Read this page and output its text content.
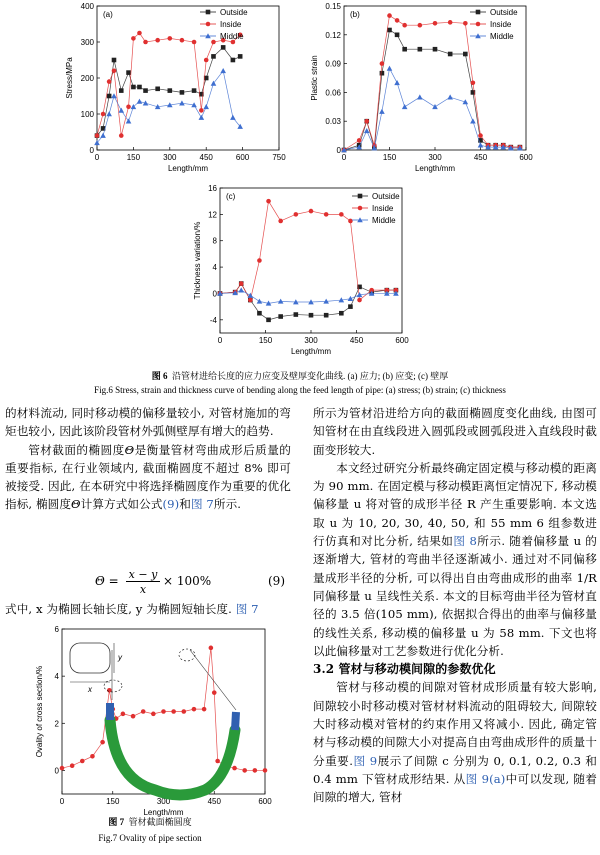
0	150	300	450	600	750
0
100
200
300
400
Length/mm
Stress/MPa
(a)	Outside
Inside
Middle
0	150	300	450	600
0
0.03
0.06
0.09
0.12
0.15
Length/mm
Plastic strain
(b)	Outside
Inside
Middle
0	150	300	450	600
-4
0
4
8
12
16
Length/mm
Thickness variation/%
(c)	Outside
Inside
Middle
图 6 沿管材进给长度的应力应变及壁厚变化曲线. (a) 应力; (b) 应变; (c) 壁厚
Fig.6 Stress, strain and thickness curve of bending along the feed length of pipe: (a) stress; (b) strain; (c) thickness

的材料流动, 同时移动模的偏移量较小, 对管材施加的弯矩也较小, 因此该阶段管材外弧侧壁厚有增大的趋势.

管材截面的椭圆度Θ是衡量管材弯曲成形后质量的重要指标, 在行业领域内, 截面椭圆度不超过 8% 即可被接受. 因此, 在本研究中将选择椭圆度作为重要的优化指标, 椭圆度Θ计算方式如公式(9)和图 7所示.

Θ = x − y
x
× 100%	(9)
式中, x 为椭圆长轴长度, y 为椭圆短轴长度. 图 7
0	150	300	450	600
0
2
4
6
Length/mm
Ovality of cross section/%	x
y
图 7 管材截面椭圆度
Fig.7 Ovality of pipe section

所示为管材沿进给方向的截面椭圆度变化曲线, 由图可知管材在由直线段进入圆弧段或圆弧段进入直线段时截面变形较大.

本文经过研究分析最终确定固定模与移动模的距离为 90 mm. 在固定模与移动模距离恒定情况下, 移动模偏移量 u 将对管的成形半径 R 产生重要影响. 本文选取 u 为 10, 20, 30, 40, 50, 和 55 mm 6 组参数进行仿真和对比分析, 结果如图 8所示. 随着偏移量 u 的逐渐增大, 管材的弯曲半径逐渐减小. 通过对不同偏移量成形半径的分析, 可以得出自由弯曲成形的曲率 1/R 同偏移量 u 呈线性关系. 本文的目标弯曲半径为管材直径的 3.5 倍(105 mm), 依据拟合得出的曲率与偏移量的线性关系, 移动模的偏移量 u 为 58 mm. 下文也将以此偏移量对工艺参数进行优化分析.

3.2 管材与移动模间隙的参数优化

管材与移动模的间隙对管材成形质量有较大影响, 间隙较小时移动模对管材材料流动的阻碍较大, 间隙较大时移动模对管材的约束作用又将减小. 因此, 确定管材与移动模的间隙大小对提高自由弯曲成形件的质量十分重要.图 9展示了间隙 c 分别为 0, 0.1, 0.2, 0.3 和 0.4 mm 下管材成形结果. 从图 9(a)中可以发现, 随着间隙的增大, 管材
